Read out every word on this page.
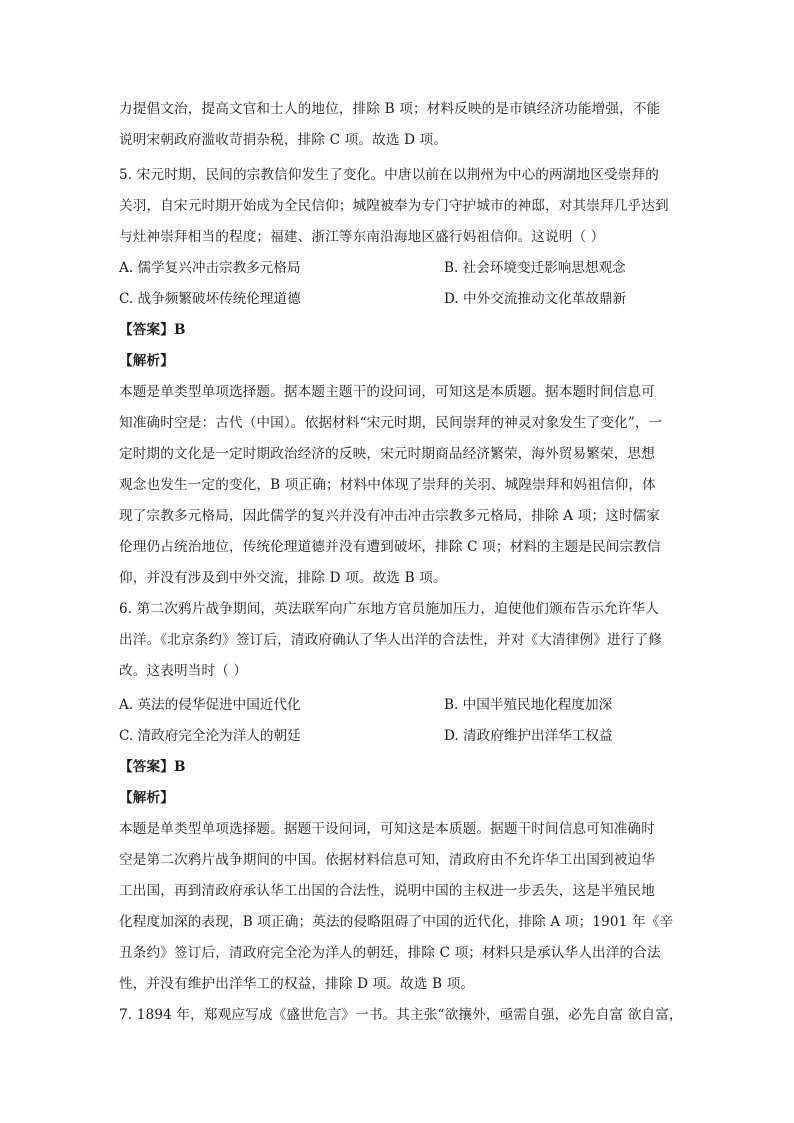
力提倡文治，提高文官和士人的地位，排除 B 项；材料反映的是市镇经济功能增强，不能
说明宋朝政府滥收苛捐杂税，排除 C 项。故选 D 项。
5. 宋元时期，民间的宗教信仰发生了变化。中唐以前在以荆州为中心的两湖地区受崇拜的
关羽，自宋元时期开始成为全民信仰；城隍被奉为专门守护城市的神邸，对其崇拜几乎达到
与灶神崇拜相当的程度；福建、浙江等东南沿海地区盛行妈祖信仰。这说明（ ）
A. 儒学复兴冲击宗教多元格局	B. 社会环境变迁影响思想观念
C. 战争频繁破坏传统伦理道德	D. 中外交流推动文化革故鼎新
【答案】B
【解析】
本题是单类型单项选择题。据本题主题干的设问词，可知这是本质题。据本题时间信息可
知准确时空是：古代（中国）。依据材料“宋元时期，民间崇拜的神灵对象发生了变化”，一
定时期的文化是一定时期政治经济的反映，宋元时期商品经济繁荣，海外贸易繁荣，思想
观念也发生一定的变化，B 项正确；材料中体现了崇拜的关羽、城隍崇拜和妈祖信仰，体
现了宗教多元格局，因此儒学的复兴并没有冲击冲击宗教多元格局，排除 A 项；这时儒家
伦理仍占统治地位，传统伦理道德并没有遭到破坏，排除 C 项；材料的主题是民间宗教信
仰，并没有涉及到中外交流，排除 D 项。故选 B 项。
6. 第二次鸦片战争期间，英法联军向广东地方官员施加压力，迫使他们颁布告示允许华人
出洋。《北京条约》签订后，清政府确认了华人出洋的合法性，并对《大清律例》进行了修
改。这表明当时（ ）
A. 英法的侵华促进中国近代化	B. 中国半殖民地化程度加深
C. 清政府完全沦为洋人的朝廷	D. 清政府维护出洋华工权益
【答案】B
【解析】
本题是单类型单项选择题。据题干设问词，可知这是本质题。据题干时间信息可知准确时
空是第二次鸦片战争期间的中国。依据材料信息可知，清政府由不允许华工出国到被迫华
工出国，再到清政府承认华工出国的合法性，说明中国的主权进一步丢失，这是半殖民地
化程度加深的表现，B 项正确；英法的侵略阻碍了中国的近代化，排除 A 项；1901 年《辛
丑条约》签订后，清政府完全沦为洋人的朝廷，排除 C 项；材料只是承认华人出洋的合法
性，并没有维护出洋华工的权益，排除 D 项。故选 B 项。
7. 1894 年，郑观应写成《盛世危言》一书。其主张“欲攘外，亟需自强，必先自富 欲自富，
